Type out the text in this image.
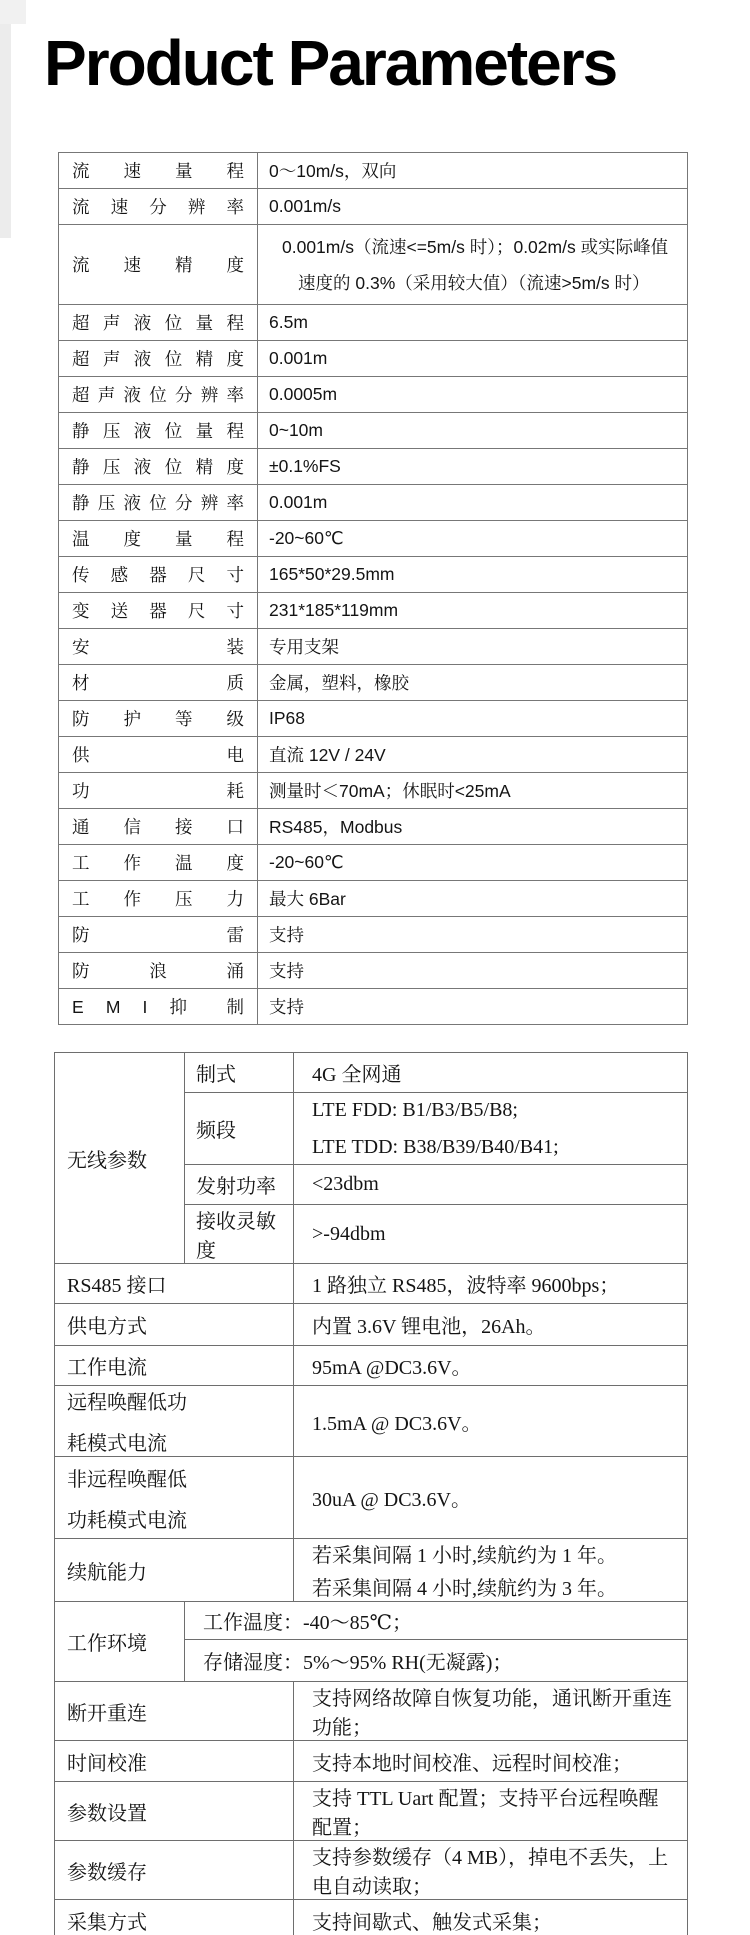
Product Parameters
流 速 量 程	0～10m/s，双向
流 速 分 辨 率	0.001m/s
流 速 精 度	0.001m/s（流速<=5m/s 时）；0.02m/s 或实际峰值
速度的 0.3%（采用较大值）（流速>5m/s 时）

超 声 液 位 量 程	6.5m
超 声 液 位 精 度	0.001m
超声液位分辨率	0.0005m
静 压 液 位 量 程	0~10m
静 压 液 位 精 度	±0.1%FS
静压液位分辨率	0.001m
温 度 量 程	-20~60℃
传 感 器 尺 寸	165*50*29.5mm
变 送 器 尺 寸	231*185*119mm
安 装	专用支架
材 质	金属，塑料，橡胶
防 护 等 级	IP68
供 电	直流 12V / 24V
功 耗	测量时＜70mA；休眠时<25mA
通 信 接 口	RS485，Modbus
工 作 温 度	-20~60℃
工 作 压 力	最大 6Bar
防 雷	支持
防 浪 涌	支持
E M I 抑 制	支持
无线参数	制式	4G 全网通
	频段	LTE FDD: B1/B3/B5/B8;
LTE TDD: B38/B39/B40/B41;

	发射功率	<23dbm
	接收灵敏度	>-94dbm
RS485 接口		1 路独立 RS485，波特率 9600bps；
供电方式		内置 3.6V 锂电池，26Ah。
工作电流		95mA @DC3.6V。

远程唤醒低功
耗模式电流		1.5mA @ DC3.6V。

非远程唤醒低
功耗模式电流		30uA @ DC3.6V。
续航能力		若采集间隔 1 小时,续航约为 1 年。
若采集间隔 4 小时,续航约为 3 年。

工作环境	工作温度：-40～85℃；	
	存储湿度：5%～95% RH(无凝露)；	
断开重连		支持网络故障自恢复功能，通讯断开重连功能；
时间校准		支持本地时间校准、远程时间校准；
参数设置		支持 TTL Uart 配置；支持平台远程唤醒配置；
参数缓存		支持参数缓存（4 MB），掉电不丢失，上电自动读取；
采集方式		支持间歇式、触发式采集；
